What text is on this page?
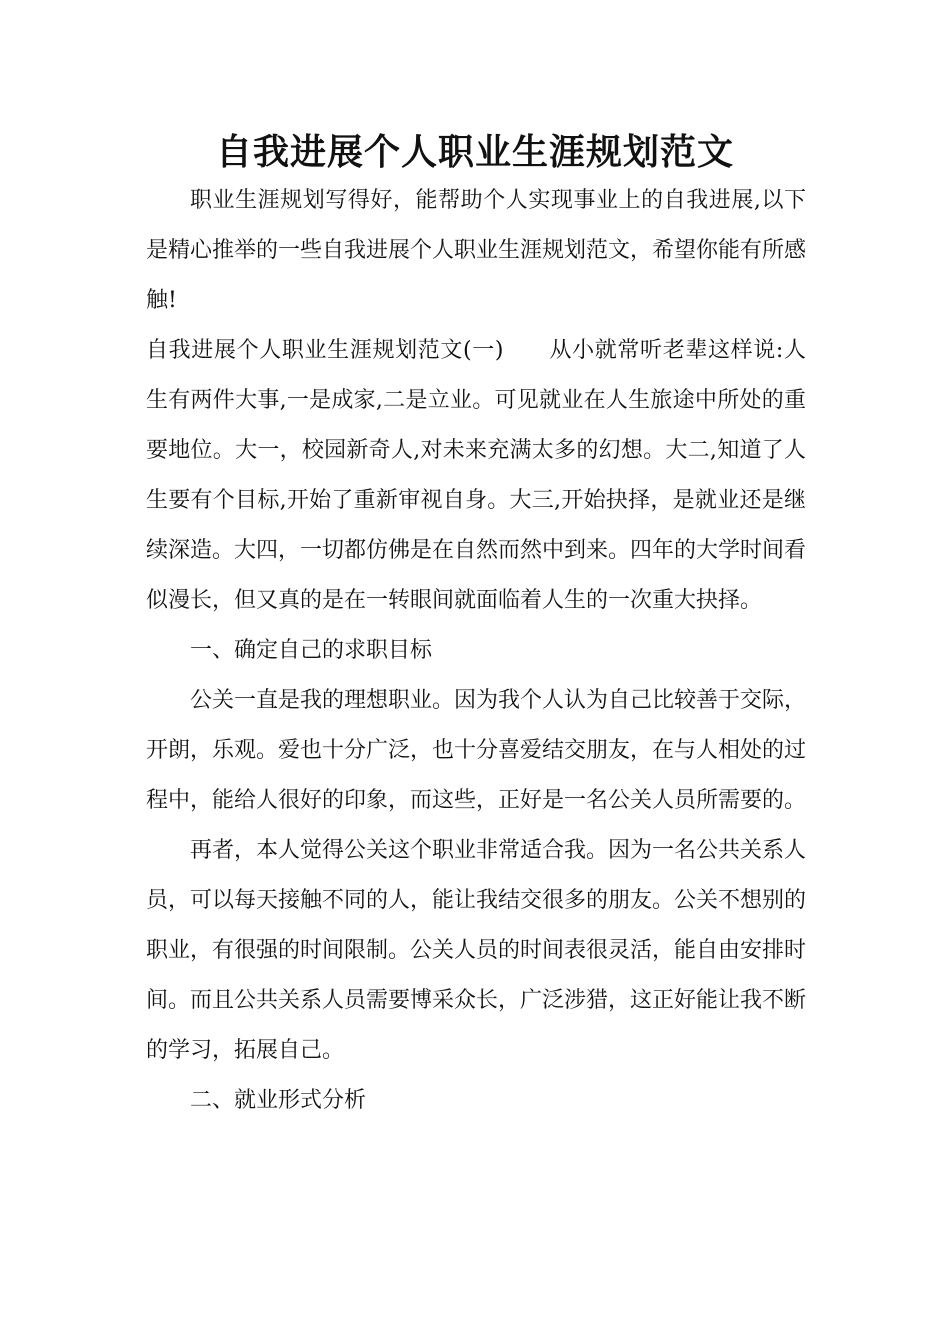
自我进展个人职业生涯规划范文

职业生涯规划写得好，能帮助个人实现事业上的自我进展,以下是精心推举的一些自我进展个人职业生涯规划范文，希望你能有所感触!

自我进展个人职业生涯规划范文(一)　　从小就常听老辈这样说:人生有两件大事,一是成家,二是立业。可见就业在人生旅途中所处的重要地位。大一，校园新奇人,对未来充满太多的幻想。大二,知道了人生要有个目标,开始了重新审视自身。大三,开始抉择，是就业还是继续深造。大四，一切都仿佛是在自然而然中到来。四年的大学时间看似漫长，但又真的是在一转眼间就面临着人生的一次重大抉择。

一、确定自己的求职目标

公关一直是我的理想职业。因为我个人认为自己比较善于交际，开朗，乐观。爱也十分广泛，也十分喜爱结交朋友，在与人相处的过程中，能给人很好的印象，而这些，正好是一名公关人员所需要的。

再者，本人觉得公关这个职业非常适合我。因为一名公共关系人员，可以每天接触不同的人，能让我结交很多的朋友。公关不想别的职业，有很强的时间限制。公关人员的时间表很灵活，能自由安排时间。而且公共关系人员需要博采众长，广泛涉猎，这正好能让我不断的学习，拓展自己。

二、就业形式分析
